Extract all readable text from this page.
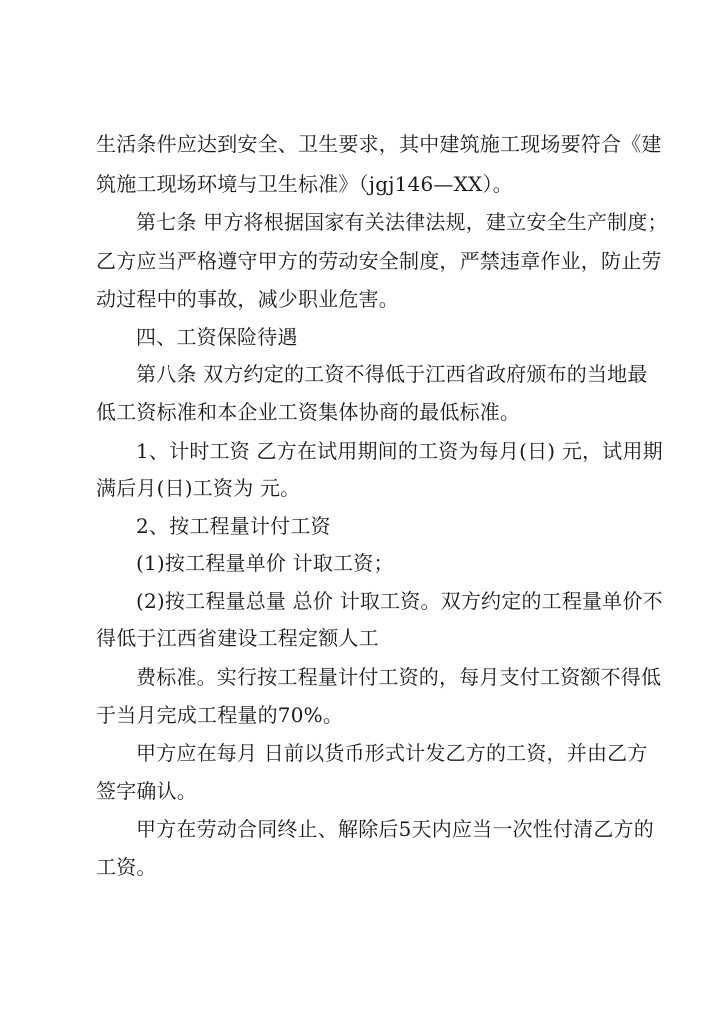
生活条件应达到安全、卫生要求，其中建筑施工现场要符合《建
筑施工现场环境与卫生标准》（jgj146—XX）。
第七条 甲方将根据国家有关法律法规，建立安全生产制度；
乙方应当严格遵守甲方的劳动安全制度，严禁违章作业，防止劳
动过程中的事故，减少职业危害。
四、工资保险待遇
第八条 双方约定的工资不得低于江西省政府颁布的当地最
低工资标准和本企业工资集体协商的最低标准。
1、计时工资 乙方在试用期间的工资为每月(日) 元，试用期
满后月(日)工资为 元。
2、按工程量计付工资
(1)按工程量单价 计取工资；
(2)按工程量总量 总价 计取工资。双方约定的工程量单价不
得低于江西省建设工程定额人工
费标准。实行按工程量计付工资的，每月支付工资额不得低
于当月完成工程量的70%。
甲方应在每月 日前以货币形式计发乙方的工资，并由乙方
签字确认。
甲方在劳动合同终止、解除后5天内应当一次性付清乙方的
工资。
